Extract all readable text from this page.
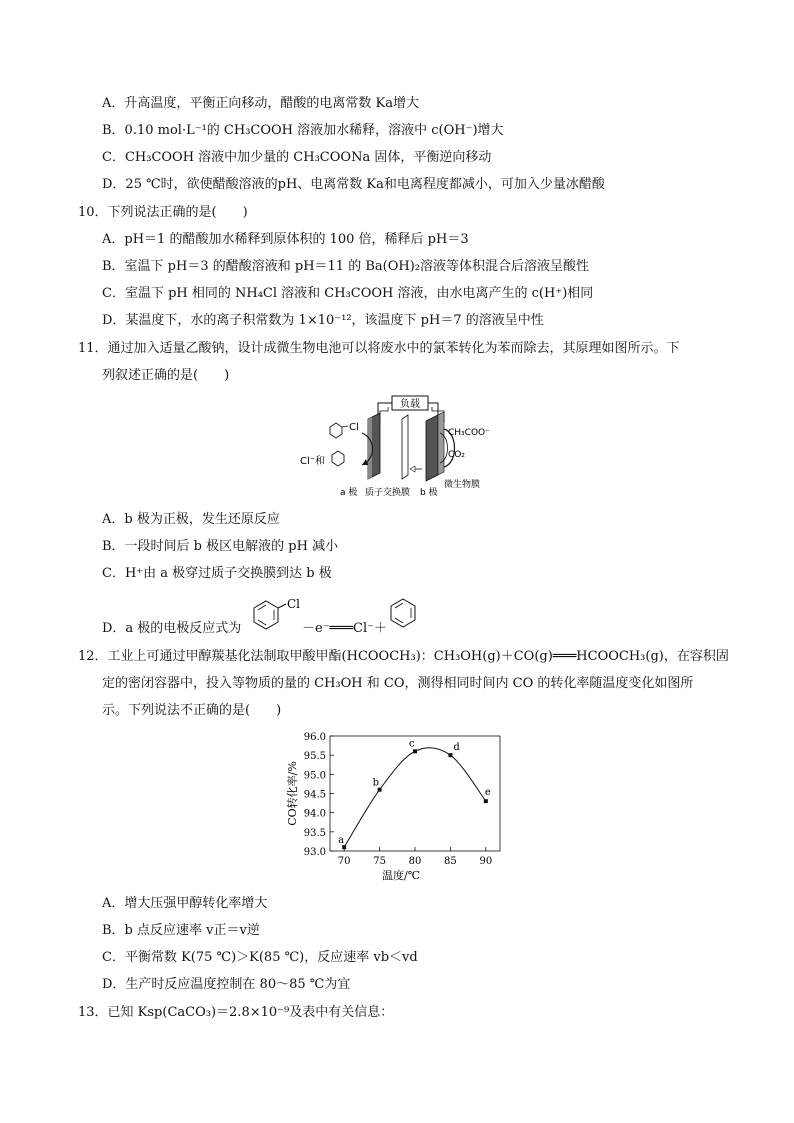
A．升高温度，平衡正向移动，醋酸的电离常数 Ka增大
B．0.10 mol·L⁻¹的 CH₃COOH 溶液加水稀释，溶液中 c(OH⁻)增大
C．CH₃COOH 溶液中加少量的 CH₃COONa 固体，平衡逆向移动
D．25 ℃时，欲使醋酸溶液的pH、电离常数 Ka和电离程度都减小，可加入少量冰醋酸
10．下列说法正确的是(　　)
A．pH＝1 的醋酸加水稀释到原体积的 100 倍，稀释后 pH＝3
B．室温下 pH＝3 的醋酸溶液和 pH＝11 的 Ba(OH)₂溶液等体积混合后溶液呈酸性
C．室温下 pH 相同的 NH₄Cl 溶液和 CH₃COOH 溶液，由水电离产生的 c(H⁺)相同
D．某温度下，水的离子积常数为 1×10⁻¹²，该温度下 pH＝7 的溶液呈中性
11．通过加入适量乙酸钠，设计成微生物电池可以将废水中的氯苯转化为苯而除去，其原理如图所示。下
列叙述正确的是(　　)
负载
Cl
Cl⁻和
CH₃COO⁻
CO₂
微生物膜
a 极 质子交换膜 b 极
A．b 极为正极，发生还原反应
B．一段时间后 b 极区电解液的 pH 减小
C．H⁺由 a 极穿过质子交换膜到达 b 极
D．a 极的电极反应式为
Cl
－e⁻═══Cl⁻＋
12．工业上可通过甲醇羰基化法制取甲酸甲酯(HCOOCH₃)：CH₃OH(g)＋CO(g)═══HCOOCH₃(g)，在容积固
定的密闭容器中，投入等物质的量的 CH₃OH 和 CO，测得相同时间内 CO 的转化率随温度变化如图所
示。下列说法不正确的是(　　)
93.0
93.5
94.0
94.5
95.0
95.5
96.0
70 75 80 85 90
a
b
c	d
e
CO转化率/%
温度/℃
A．增大压强甲醇转化率增大
B．b 点反应速率 v正＝v逆
C．平衡常数 K(75 ℃)＞K(85 ℃)，反应速率 vb＜vd
D．生产时反应温度控制在 80～85 ℃为宜
13．已知 Ksp(CaCO₃)＝2.8×10⁻⁹及表中有关信息：
